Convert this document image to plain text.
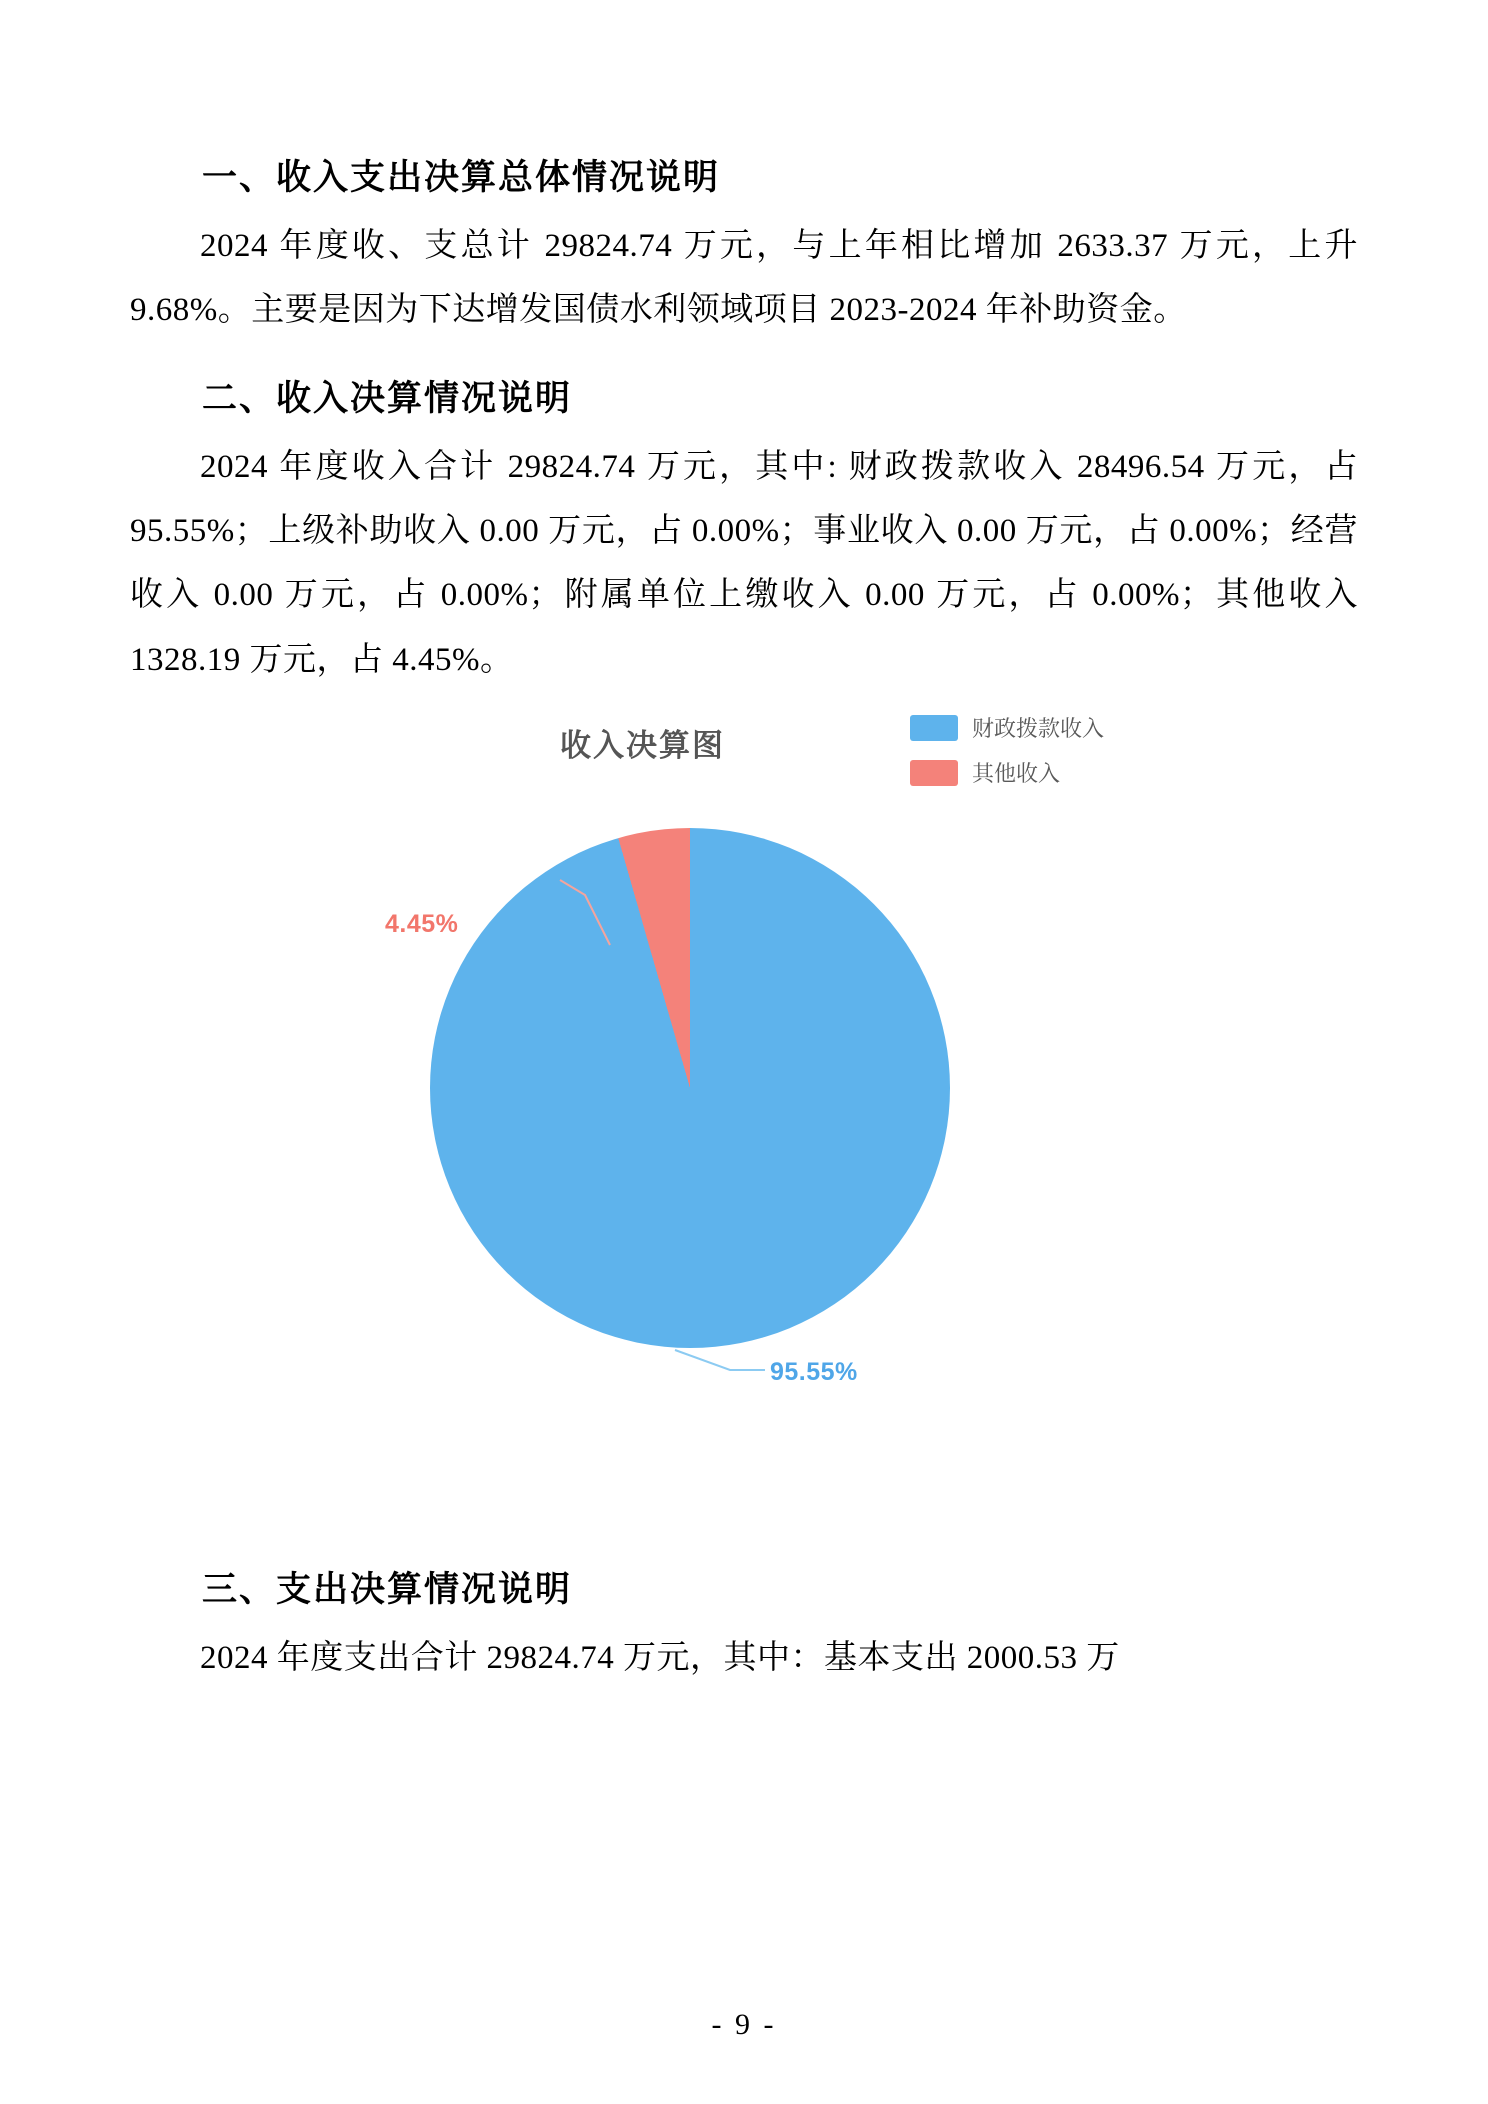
一、收入支出决算总体情况说明

2024 年度收、支总计 29824.74 万元，与上年相比增加 2633.37 万元，上升 9.68%。主要是因为下达增发国债水利领域项目 2023-2024 年补助资金。

二、收入决算情况说明

2024 年度收入合计 29824.74 万元，其中: 财政拨款收入 28496.54 万元，占 95.55%；上级补助收入 0.00 万元，占 0.00%；事业收入 0.00 万元，占 0.00%；经营收入 0.00 万元，占 0.00%；附属单位上缴收入 0.00 万元，占 0.00%；其他收入 1328.19 万元，占 4.45%。

收入决算图	财政拨款收入
其他收入
95.55%
4.45%
三、支出决算情况说明

2024 年度支出合计 29824.74 万元，其中：基本支出 2000.53 万

- 9 -
